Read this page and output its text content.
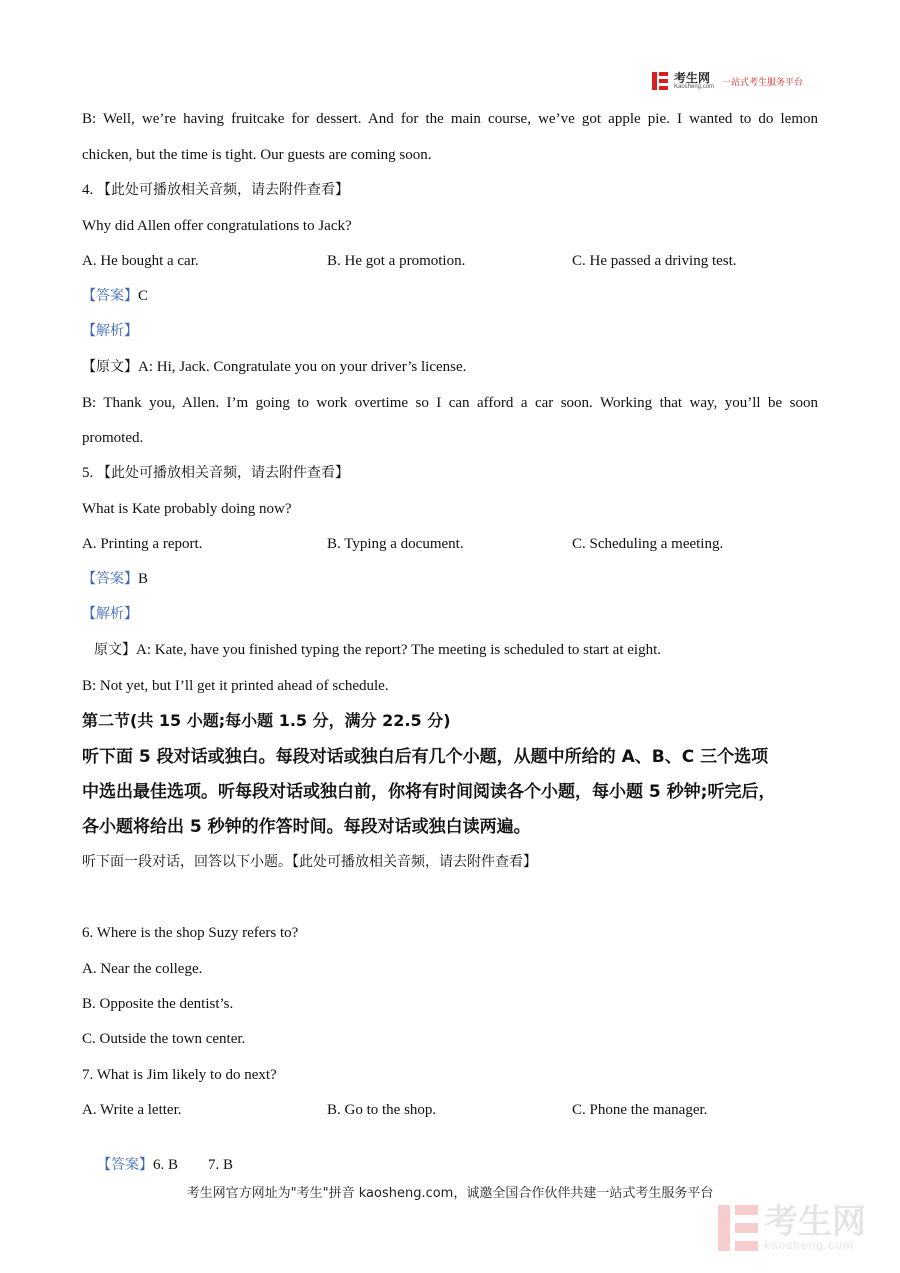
考生网
Kaosheng.com 一站式考生服务平台
B: Well, we’re having fruitcake for dessert. And for the main course, we’ve got apple pie. I wanted to do lemon
chicken, but the time is tight. Our guests are coming soon.
4. 【此处可播放相关音频，请去附件查看】
Why did Allen offer congratulations to Jack?
A. He bought a car.	B. He got a promotion.	C. He passed a driving test.
【答案】C
【解析】
【原文】A: Hi, Jack. Congratulate you on your driver’s license.
B: Thank you, Allen. I’m going to work overtime so I can afford a car soon. Working that way, you’ll be soon
promoted.
5. 【此处可播放相关音频，请去附件查看】
What is Kate probably doing now?
A. Printing a report.	B. Typing a document.	C. Scheduling a meeting.
【答案】B
【解析】
原文】A: Kate, have you finished typing the report? The meeting is scheduled to start at eight.
B: Not yet, but I’ll get it printed ahead of schedule.
第二节(共 15 小题;每小题 1.5 分，满分 22.5 分)
听下面 5 段对话或独白。每段对话或独白后有几个小题，从题中所给的 A、B、C 三个选项
中选出最佳选项。听每段对话或独白前，你将有时间阅读各个小题，每小题 5 秒钟;听完后，
各小题将给出 5 秒钟的作答时间。每段对话或独白读两遍。
听下面一段对话，回答以下小题。【此处可播放相关音频，请去附件查看】
6. Where is the shop Suzy refers to?
A. Near the college.
B. Opposite the dentist’s.
C. Outside the town center.
7. What is Jim likely to do next?
A. Write a letter.	B. Go to the shop.	C. Phone the manager.

【答案】6. B        7. B

考生网官方网址为"考生"拼音 kaosheng.com，诚邀全国合作伙伴共建一站式考生服务平台
考生网
kaosheng.com
